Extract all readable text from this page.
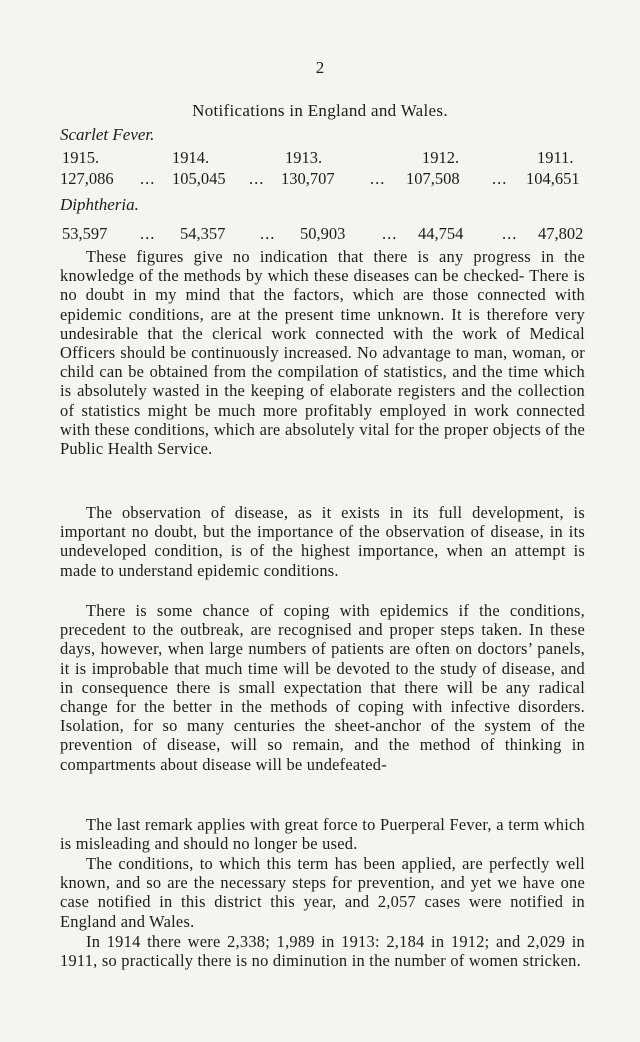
2
Notifications in England and Wales.
Scarlet Fever.
1915.	1914.	1913.	1912.	1911.
127,086 ... 105,045 ... 130,707 ... 107,508 ... 104,651
Diphtheria.
53,597 ... 54,357 ... 50,903 ... 44,754 ... 47,802

These figures give no indication that there is any progress in the knowledge of the methods by which these diseases can be checked- There is no doubt in my mind that the factors, which are those connected with epidemic conditions, are at the present time unknown. It is therefore very undesirable that the clerical work connected with the work of Medical Officers should be continuously increased. No advantage to man, woman, or child can be obtained from the compilation of statistics, and the time which is absolutely wasted in the keeping of elaborate registers and the collection of statistics might be much more profitably employed in work connected with these conditions, which are absolutely vital for the proper objects of the Public Health Service.

The observation of disease, as it exists in its full development, is important no doubt, but the importance of the observation of disease, in its undeveloped condition, is of the highest importance, when an attempt is made to understand epidemic conditions.

There is some chance of coping with epidemics if the conditions, precedent to the outbreak, are recognised and proper steps taken. In these days, however, when large numbers of patients are often on doctors’ panels, it is improbable that much time will be devoted to the study of disease, and in consequence there is small expectation that there will be any radical change for the better in the methods of coping with infective disorders. Isolation, for so many centuries the sheet-anchor of the system of the prevention of disease, will so remain, and the method of thinking in compartments about disease will be undefeated-

The last remark applies with great force to Puerperal Fever, a term which is misleading and should no longer be used.

The conditions, to which this term has been applied, are perfectly well known, and so are the necessary steps for prevention, and yet we have one case notified in this district this year, and 2,057 cases were notified in England and Wales.

In 1914 there were 2,338; 1,989 in 1913: 2,184 in 1912; and 2,029 in 1911, so practically there is no diminution in the number of women stricken.
